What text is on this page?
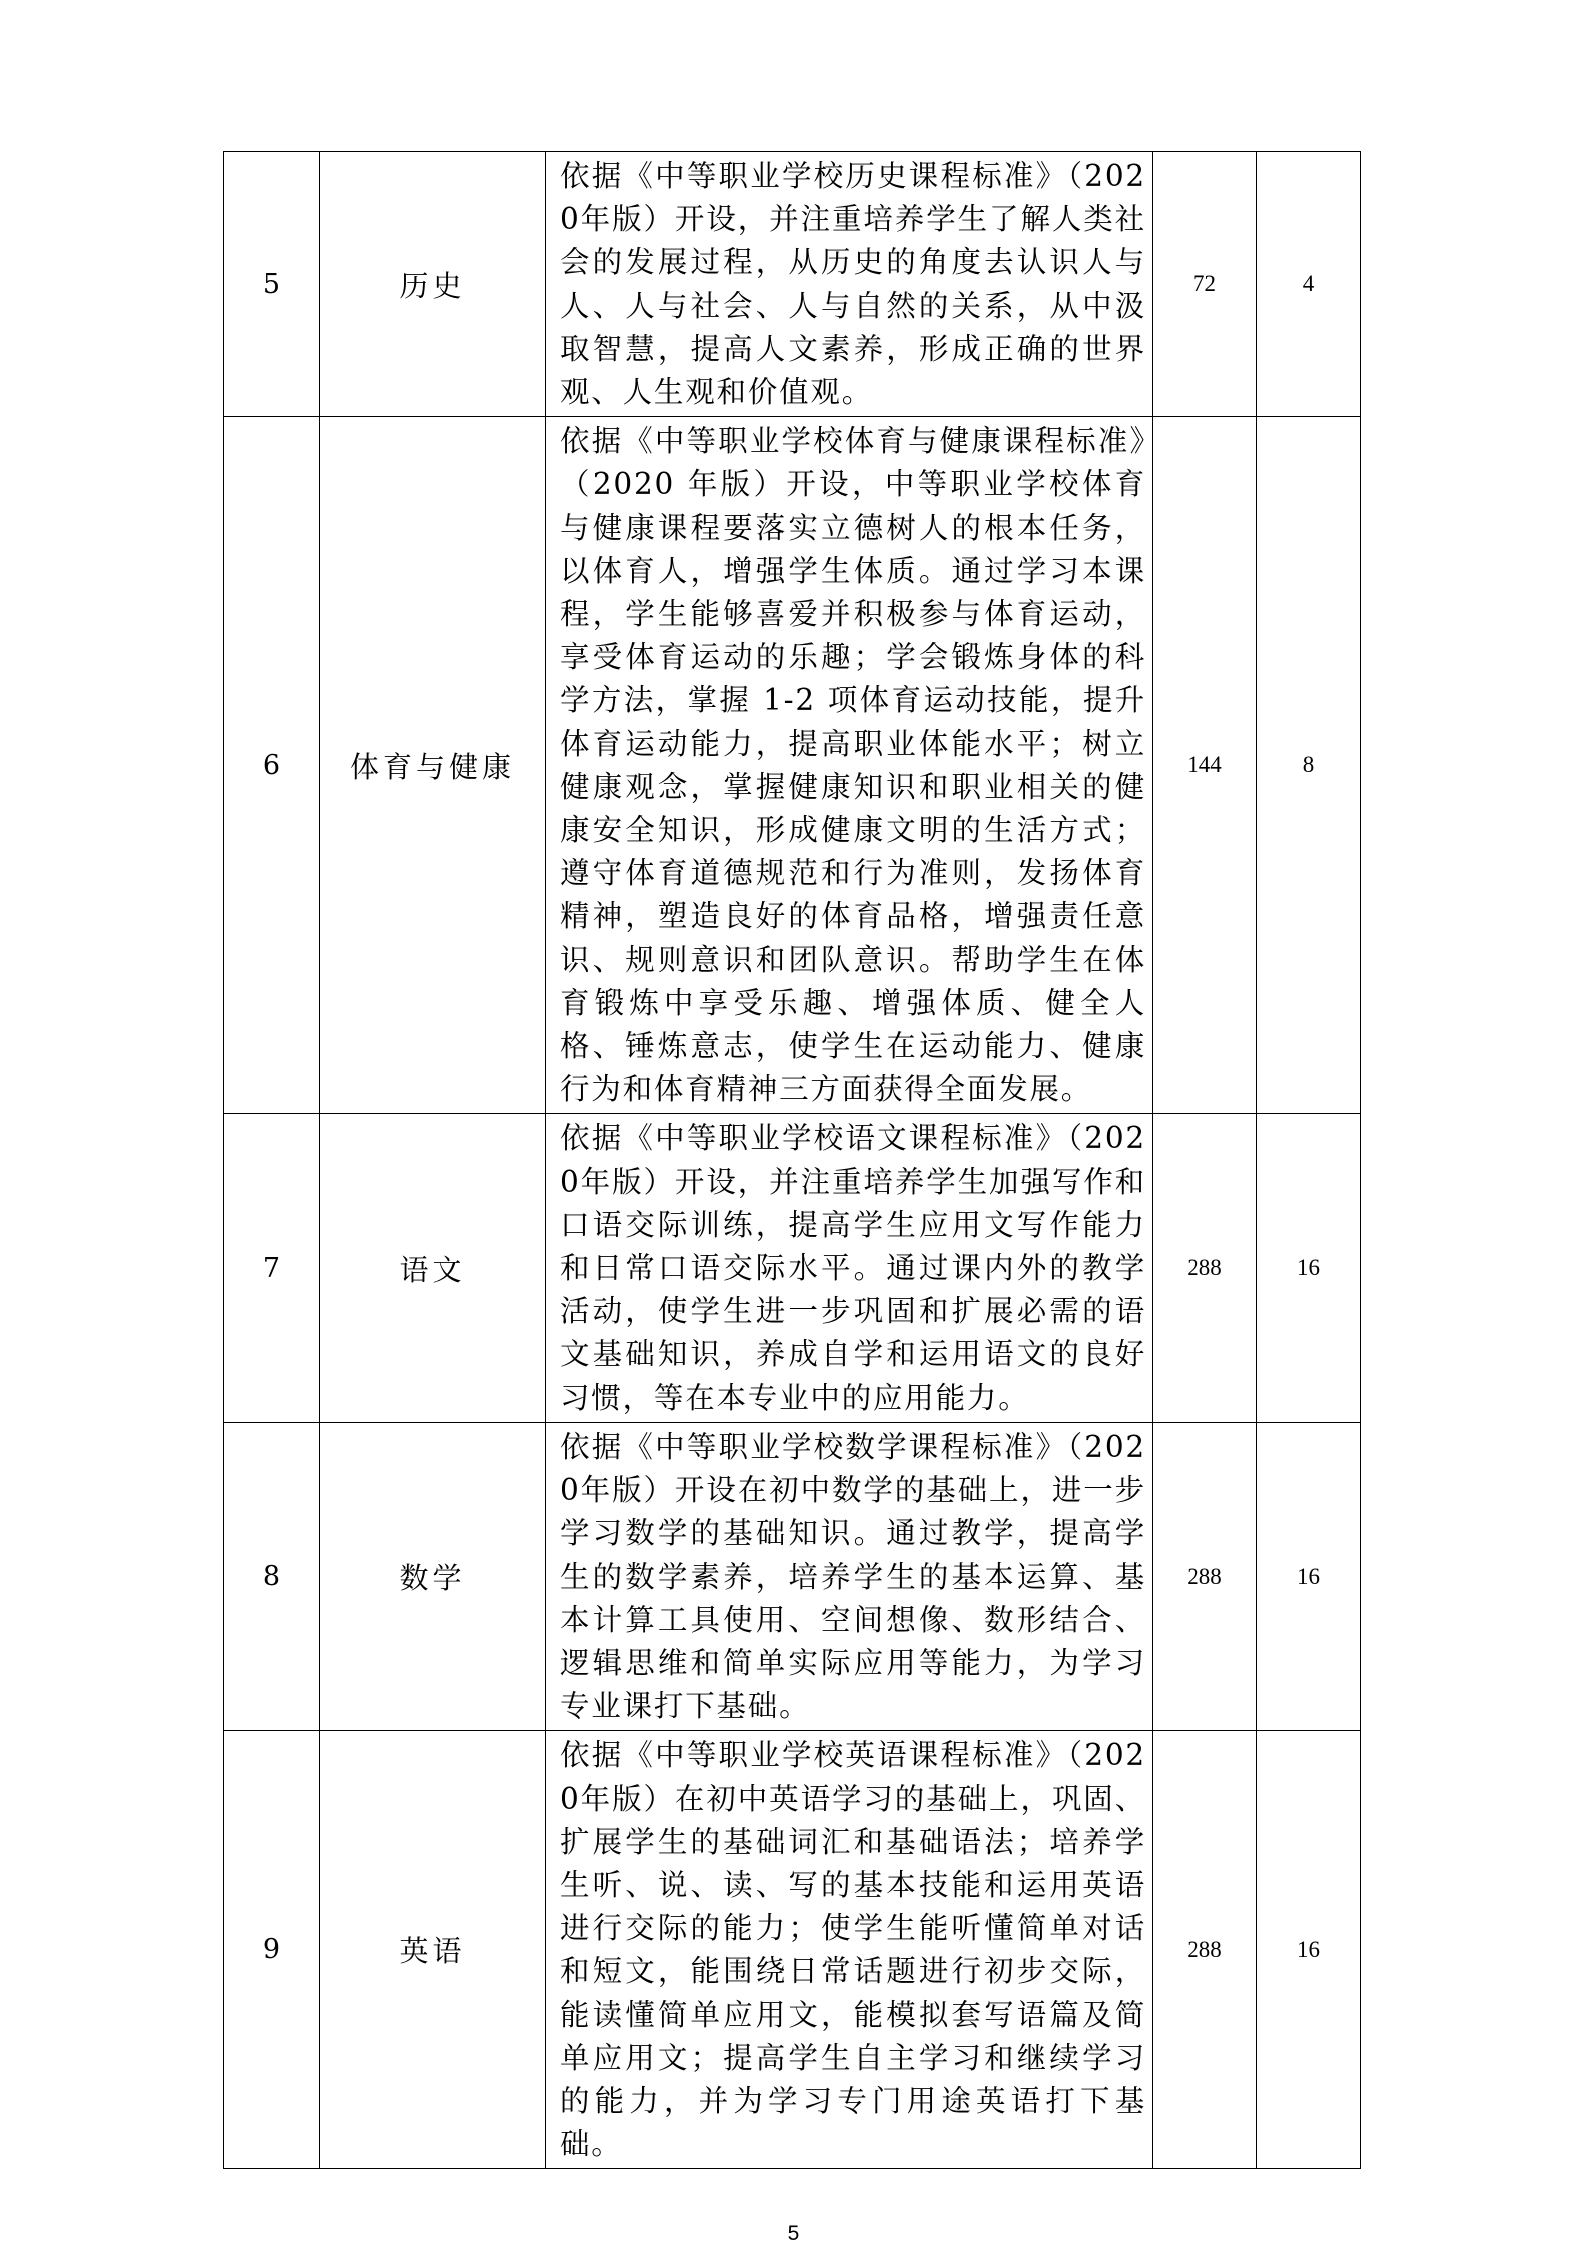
5	历史	依据《中等职业学校历史课程标准》（2020年版）开设，并注重培养学生了解人类社会的发展过程，从历史的角度去认识人与人、人与社会、人与自然的关系，从中汲取智慧，提高人文素养，形成正确的世界观、人生观和价值观。	72	4
6	体育与健康	依据《中等职业学校体育与健康课程标准》（2020 年版）开设，中等职业学校体育与健康课程要落实立德树人的根本任务，以体育人，增强学生体质。通过学习本课程，学生能够喜爱并积极参与体育运动，享受体育运动的乐趣；学会锻炼身体的科学方法，掌握 1-2 项体育运动技能，提升体育运动能力，提高职业体能水平；树立健康观念，掌握健康知识和职业相关的健康安全知识，形成健康文明的生活方式；遵守体育道德规范和行为准则，发扬体育精神，塑造良好的体育品格，增强责任意识、规则意识和团队意识。帮助学生在体育锻炼中享受乐趣、增强体质、健全人格、锤炼意志，使学生在运动能力、健康行为和体育精神三方面获得全面发展。	144	8
7	语文	依据《中等职业学校语文课程标准》（2020年版）开设，并注重培养学生加强写作和口语交际训练，提高学生应用文写作能力和日常口语交际水平。通过课内外的教学活动，使学生进一步巩固和扩展必需的语文基础知识，养成自学和运用语文的良好习惯，等在本专业中的应用能力。	288	16
8	数学	依据《中等职业学校数学课程标准》（2020年版）开设在初中数学的基础上，进一步学习数学的基础知识。通过教学，提高学生的数学素养，培养学生的基本运算、基本计算工具使用、空间想像、数形结合、逻辑思维和简单实际应用等能力，为学习专业课打下基础。	288	16
9	英语	依据《中等职业学校英语课程标准》（2020年版）在初中英语学习的基础上，巩固、扩展学生的基础词汇和基础语法；培养学生听、说、读、写的基本技能和运用英语进行交际的能力；使学生能听懂简单对话和短文，能围绕日常话题进行初步交际，能读懂简单应用文，能模拟套写语篇及简单应用文；提高学生自主学习和继续学习的能力，并为学习专门用途英语打下基础。	288	16
5
